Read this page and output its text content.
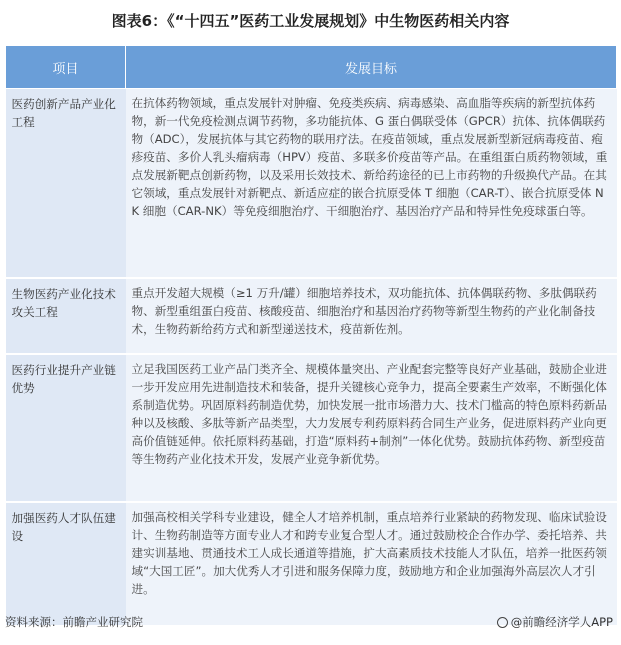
图表6：《“十四五”医药工业发展规划》中生物医药相关内容
项目	发展目标
医药创新产品产业化工程	在抗体药物领域，重点发展针对肿瘤、免疫类疾病、病毒感染、高血脂等疾病的新型抗体药物，新一代免疫检测点调节药物，多功能抗体、G 蛋白偶联受体（GPCR）抗体、抗体偶联药物（ADC），发展抗体与其它药物的联用疗法。在疫苗领域，重点发展新型新冠病毒疫苗、疱疹疫苗、多价人乳头瘤病毒（HPV）疫苗、多联多价疫苗等产品。在重组蛋白质药物领域，重点发展新靶点创新药物，以及采用长效技术、新给药途径的已上市药物的升级换代产品。在其它领域，重点发展针对新靶点、新适应症的嵌合抗原受体 T 细胞（CAR-T）、嵌合抗原受体 NK 细胞（CAR-NK）等免疫细胞治疗、干细胞治疗、基因治疗产品和特异性免疫球蛋白等。
生物医药产业化技术攻关工程	重点开发超大规模（≥1 万升/罐）细胞培养技术，双功能抗体、抗体偶联药物、多肽偶联药物、新型重组蛋白疫苗、核酸疫苗、细胞治疗和基因治疗药物等新型生物药的产业化制备技术，生物药新给药方式和新型递送技术，疫苗新佐剂。
医药行业提升产业链优势	立足我国医药工业产品门类齐全、规模体量突出、产业配套完整等良好产业基础，鼓励企业进一步开发应用先进制造技术和装备，提升关键核心竞争力，提高全要素生产效率，不断强化体系制造优势。巩固原料药制造优势，加快发展一批市场潜力大、技术门槛高的特色原料药新品种以及核酸、多肽等新产品类型，大力发展专利药原料药合同生产业务，促进原料药产业向更高价值链延伸。依托原料药基础，打造“原料药+制剂”一体化优势。鼓励抗体药物、新型疫苗等生物药产业化技术开发，发展产业竞争新优势。
加强医药人才队伍建设	加强高校相关学科专业建设，健全人才培养机制，重点培养行业紧缺的药物发现、临床试验设计、生物药制造等方面专业人才和跨专业复合型人才。通过鼓励校企合作办学、委托培养、共建实训基地、贯通技术工人成长通道等措施，扩大高素质技术技能人才队伍，培养一批医药领域“大国工匠”。加大优秀人才引进和服务保障力度，鼓励地方和企业加强海外高层次人才引进。
资料来源：前瞻产业研究院	@前瞻经济学人APP
